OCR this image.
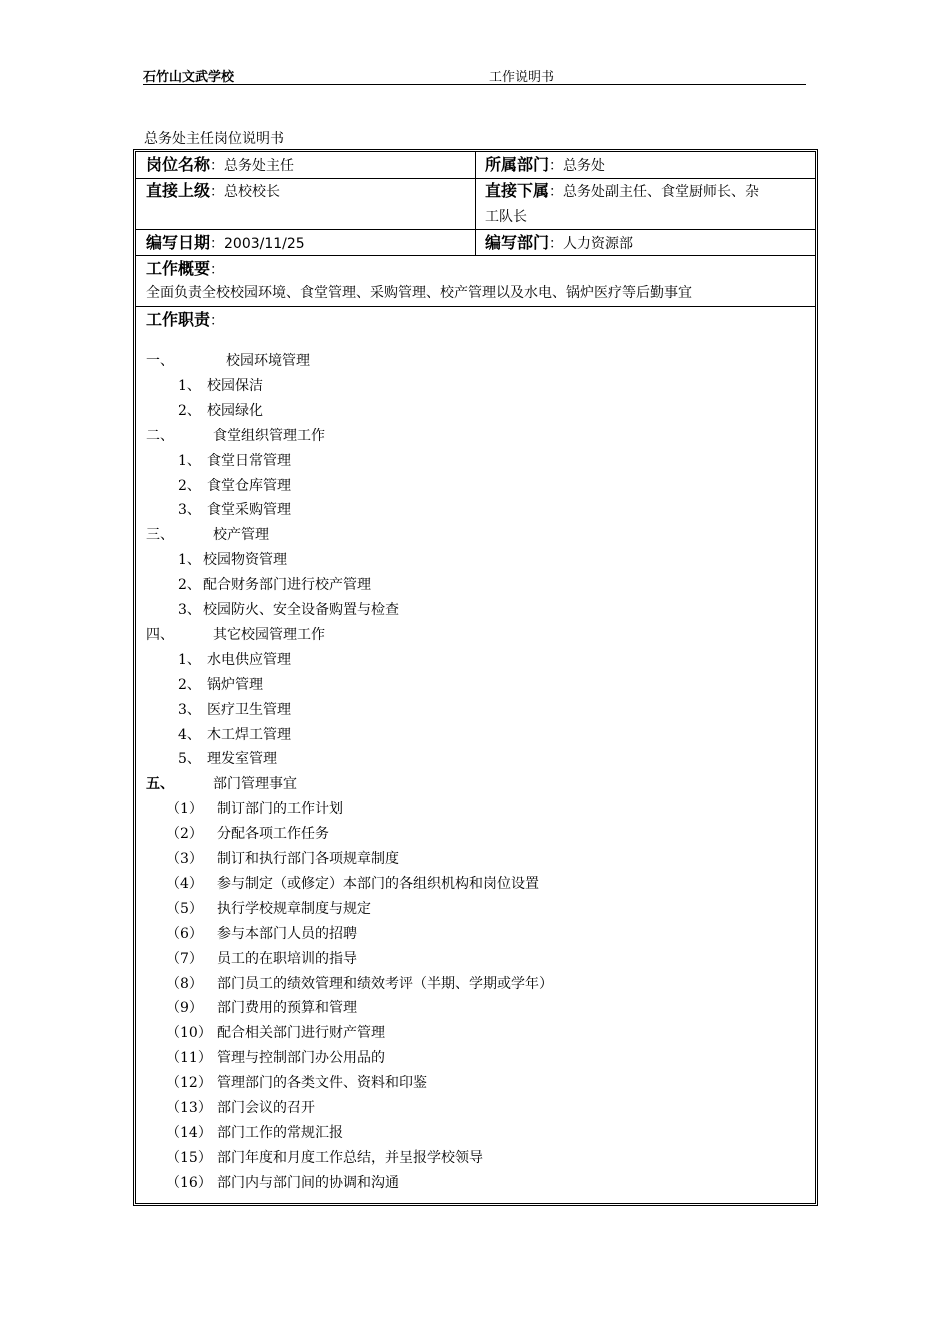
石竹山文武学校	工作说明书
总务处主任岗位说明书
岗位名称：总务处主任	所属部门：总务处
直接上级：总校校长	直接下属：总务处副主任、食堂厨师长、杂
工队长
编写日期：2003/11/25	编写部门：人力资源部
工作概要：
全面负责全校校园环境、食堂管理、采购管理、校产管理以及水电、锅炉医疗等后勤事宜
工作职责：
一、	校园环境管理
1、 校园保洁
2、 校园绿化
二、	食堂组织管理工作
1、 食堂日常管理
2、 食堂仓库管理
3、 食堂采购管理
三、	校产管理
1、 校园物资管理
2、 配合财务部门进行校产管理
3、 校园防火、安全设备购置与检查
四、	其它校园管理工作
1、 水电供应管理
2、 锅炉管理
3、 医疗卫生管理
4、 木工焊工管理
5、 理发室管理
五、	部门管理事宜
（1） 制订部门的工作计划
（2） 分配各项工作任务
（3） 制订和执行部门各项规章制度
（4） 参与制定（或修定）本部门的各组织机构和岗位设置
（5） 执行学校规章制度与规定
（6） 参与本部门人员的招聘
（7） 员工的在职培训的指导
（8） 部门员工的绩效管理和绩效考评（半期、学期或学年）
（9） 部门费用的预算和管理
（10） 配合相关部门进行财产管理
（11） 管理与控制部门办公用品的
（12） 管理部门的各类文件、资料和印鉴
（13） 部门会议的召开
（14） 部门工作的常规汇报
（15） 部门年度和月度工作总结，并呈报学校领导
（16） 部门内与部门间的协调和沟通
